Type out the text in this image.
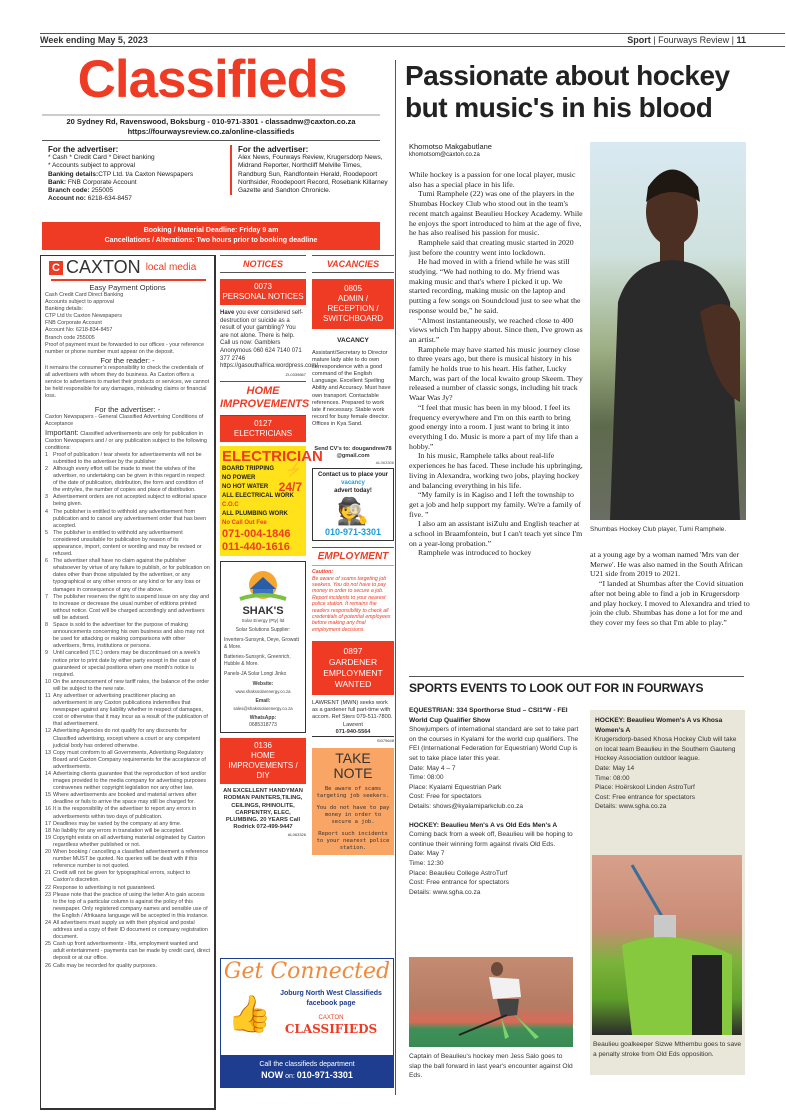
Week ending May 5, 2023	Sport | Fourways Review | 11
Classifieds
20 Sydney Rd, Ravenswood, Boksburg - 010-971-3301 - classadnw@caxton.co.za
https://fourwaysreview.co.za/online-classifieds
For the advertiser:
* Cash * Credit Card * Direct banking
* Accounts subject to approval
Banking details:CTP Ltd. t/a Caxton Newspapers
Bank: FNB Corporate Account
Branch code: 255005
Account no: 6218-634-8457
For the advertiser:
Alex News, Fourways Review, Krugersdorp News, Midrand Reporter, Northcliff Melville Times, Randburg Sun, Randfontein Herald, Roodepoort Northsider, Roodepoort Record, Rosebank Killarney Gazette and Sandton Chronicle.
Booking / Material Deadline: Friday 9 am
Cancellations / Alterations: Two hours prior to booking deadline
C CAXTON local media
Easy Payment Options
Cash Credit Card Direct Banking
Accounts subject to approval
Banking details:
CTP Ltd t/s Caxton Newspapers
FNB Corporate Account
Account No: 6218-834-8457
Branch code 255005
Proof of payment must be forwarded to our offices - your reference number or phone number must appear on the deposit.
For the reader: -
It remains the consumer's responsibility to check the credentials of all advertisers with whom they do business. As Caxton offers a service to advertisers to market their products or services, we cannot be held responsible for any damages, misleading claims or financial loss.
For the advertiser: -
Caxton Newspapers - General Classified Advertising Conditions of Acceptance
Important: Classified advertisements are only for publication in Caxton Newspapers and / or any publication subject to the following conditions:
1 Proof of publication / tear sheets for advertisements will not be submitted to the advertiser by the publisher
2 Although every effort will be made to meet the wishes of the advertiser, no undertaking can be given in this regard in respect of the date of publication, distribution, the form and condition of the entry/ies, the number of copies and place of distribution.
3 Advertisement orders are not accepted subject to editorial space being given.
4 The publisher is entitled to withhold any advertisement from publication and to cancel any advertisement order that has been accepted.
5 The publisher is entitled to withhold any advertisement considered unsuitable for publication by reason of its appearance, import, content or wording and may be revised or refused.
6 The advertiser shall have no claim against the publisher whatsoever by virtue of any failure to publish, or for publication on dates other than those stipulated by the advertiser, or any typographical or any other errors or any kind or for any loss or damages in consequence of any of the above.
7 The publisher reserves the right to suspend issue on any day and to increase or decrease the usual number of editions printed without notice. Cost will be charged accordingly and advertisers will be advised.
8 Space is sold to the advertiser for the purpose of making announcements concerning his own business and also may not be used for attacking or making comparisons with other advertisers, firms, institutions or persons.
9 Until cancelled (T.C.) orders may be discontinued on a week's notice prior to print date by either party except in the case of guaranteed or special positions when one month's notice is required.
10 On the announcement of new tariff rates, the balance of the order will be subject to the new rate.
11 Any advertiser or advertising practitioner placing an advertisement in any Caxton publications indemnifies that newspaper against any liability whether in respect of damages, cost or otherwise that it may incur as a result of the publication of that advertisement.
12 Advertising Agencies do not qualify for any discounts for Classified advertising, except where a court or any competent judicial body has ordered otherwise.
13 Copy must conform to all Governments, Advertising Regulatory Board and Caxton Company requirements for the acceptance of advertisements.
14 Advertising clients guarantee that the reproduction of text and/or images provided to the media company for advertising purposes contravenes neither copyright legislation nor any other law.
15 Where advertisements are booked and material arrives after deadline or fails to arrive the space may still be charged for.
16 It is the responsibility of the advertiser to report any errors in advertisements within two days of publication.
17 Deadlines may be varied by the company at any time.
18 No liability for any errors in translation will be accepted.
19 Copyright exists on all advertising material originated by Caxton regardless whether published or not.
20 When booking / cancelling a classified advertisement a reference number MUST be quoted. No queries will be dealt with if this reference number is not quoted.
21 Credit will not be given for typographical errors, subject to Caxton's discretion.
22 Response to advertising is not guaranteed.
23 Please note that the practice of using the letter A to gain access to the top of a particular column is against the policy of this newspaper. Only registered company names and sensible use of the English / Afrikaans language will be accepted in this instance.
24 All advertisers must supply us with their physical and postal address and a copy of their ID document or company registration document.
25 Cash up front advertisements - lifts, employment wanted and adult entertainment - payments can be made by credit card, direct deposit or at our office.
26 Calls may be recorded for quality purposes.
NOTICES
0073
PERSONAL NOTICES
Have you ever considered self-destruction or suicide as a result of your gambling? You are not alone. There is help. Call us now: Gamblers Anonymous 060 624 7140 071 377 2746 https://gasouthafrica.wordpress.com/
ZI-0339867
HOME IMPROVEMENTS
0127
ELECTRICIANS
ELECTRICIAN
BOARD TRIPPING
NO POWER
NO HOT WATER
ALL ELECTRICAL WORK
C.O.C
ALL PLUMBING WORK
No Call Out Fee
⚡
24/7
071-004-1846
011-440-1616
SHAK'S
Solar Energy (Pty) ltd
Solar Solutions Supplier:
Inverters-Sunsynk, Deye, Growatt & More.
Batteries-Sunsynk, Greenrich, Hubble & More.
Panels-JA Solar Longi Jinko
Website:
www.shakssolarenergy.co.za
Email:
sales@shakssolarenergy.co.za
WhatsApp:
0685318773
0136
HOME IMPROVEMENTS / DIY
AN EXCELLENT HANDYMAN RODMAN PAINTERS,TILING, CEILINGS, RHINOLITE, CARPENTRY, ELEC, PLUMBING. 20 YEARS Call Rodrick 072-499-9447
AL063326
VACANCIES
0805
ADMIN / RECEPTION / SWITCHBOARD
VACANCY
Assistant/Secretary to Director mature lady able to do own correspondence with a good command of the English Language. Excellent Spelling Ability and Accuracy. Must have own transport. Contactable references. Prepared to work late if necessary. Stable work record for busy female director. Offices in Kya Sand.
Send CV's to: dougandrew78 @gmail.com
AL063306
Contact us to place your
vacancy
advert today!
🕵
010-971-3301
EMPLOYMENT
Caution:
Be aware of scams targeting job seekers. You do not have to pay money in order to secure a job. Report incidents to your nearest police station. It remains the readers responsibility to check all credentials of potential employees before making any final employment decisions.
0897
GARDENER EMPLOYMENT WANTED
LAWRENT (MWN) seeks work as a gardener full part-time with accom. Ref Sters 079-511-7800.
Lawrent
071-940-5564
SI079648
TAKE NOTE
Be aware of scams targeting job seekers.
You do not have to pay money in order to secure a job.
Report such incidents to your nearest police station.
Get Connected
👍	Joburg North West Classifieds
facebook page
CAXTON
CLASSIFIEDS
Call the classifieds department
NOW on: 010-971-3301
Passionate about hockey but music's in his blood
Khomotso Makgabutlane
khomotsom@caxton.co.za

While hockey is a passion for one local player, music also has a special place in his life.

Tumi Ramphele (22) was one of the players in the Shumbas Hockey Club who stood out in the team's recent match against Beaulieu Hockey Academy. While he enjoys the sport introduced to him at the age of five, he has also realised his passion for music.

Ramphele said that creating music started in 2020 just before the country went into lockdown.

He had moved in with a friend while he was still studying. “We had nothing to do. My friend was making music and that's where I picked it up. We started recording, making music on the laptop and putting a few songs on Soundcloud just to see what the response would be,” he said.

“Almost instantaneously, we reached close to 400 views which I'm happy about. Since then, I've grown as an artist.”

Ramphele may have started his music journey close to three years ago, but there is musical history in his family he holds true to his heart. His father, Lucky March, was part of the local kwaito group Skeem. They released a number of classic songs, including hit track Waar Was Jy?

“I feel that music has been in my blood. I feel its frequency everywhere and I'm on this earth to bring good energy into a room. I just want to bring it into everything I do. Music is more a part of my life than a hobby.”

In his music, Ramphele talks about real-life experiences he has faced. These include his upbringing, living in Alexandra, working two jobs, playing hockey and balancing everything in his life.

“My family is in Kagiso and I left the township to get a job and help support my family. We're a family of five. ”

I also am an assistant isiZulu and English teacher at a school in Braamfontein, but I can't teach yet since I'm on a year-long probation.”

Ramphele was introduced to hockey

Shumbas Hockey Club player, Tumi Ramphele.

at a young age by a woman named 'Mrs van der Merwe'. He was also named in the South African U21 side from 2019 to 2021.

“I landed at Shumbas after the Covid situation after not being able to find a job in Krugersdorp and play hockey. I moved to Alexandra and tried to join the club. Shumbas has done a lot for me and they cover my fees so that I'm able to play.”

SPORTS EVENTS TO LOOK OUT FOR IN FOURWAYS
EQUESTRIAN: 334 Sporthorse Stud – CSI1*W - FEI World Cup Qualifier Show
Showjumpers of international standard are set to take part on the courses in Kyalami for the world cup qualifiers. The FEI (International Federation for Equestrian) World Cup is set to take place later this year.
Date: May 4 – 7
Time: 08:00
Place: Kyalami Equestrian Park
Cost: Free for spectators
Details: shows@kyalamiparkclub.co.za
HOCKEY: Beaulieu Men's A vs Old Eds Men's A
Coming back from a week off, Beaulieu will be hoping to continue their winning form against rivals Old Eds.
Date: May 7
Time: 12:30
Place: Beaulieu College AstroTurf
Cost: Free entrance for spectators
Details: www.sgha.co.za
Captain of Beaulieu's hockey men Jess Salo goes to slap the ball forward in last year's encounter against Old Eds.
HOCKEY: Beaulieu Women's A vs Khosa Women's A
Krugersdorp-based Khosa Hockey Club will take on local team Beaulieu in the Southern Gauteng Hockey Association outdoor league.
Date: May 14
Time: 08:00
Place: Hoërskool Linden AstroTurf
Cost: Free entrance for spectators
Details: www.sgha.co.za
Beaulieu goalkeeper Sizwe Mthembu goes to save a penalty stroke from Old Eds opposition.
